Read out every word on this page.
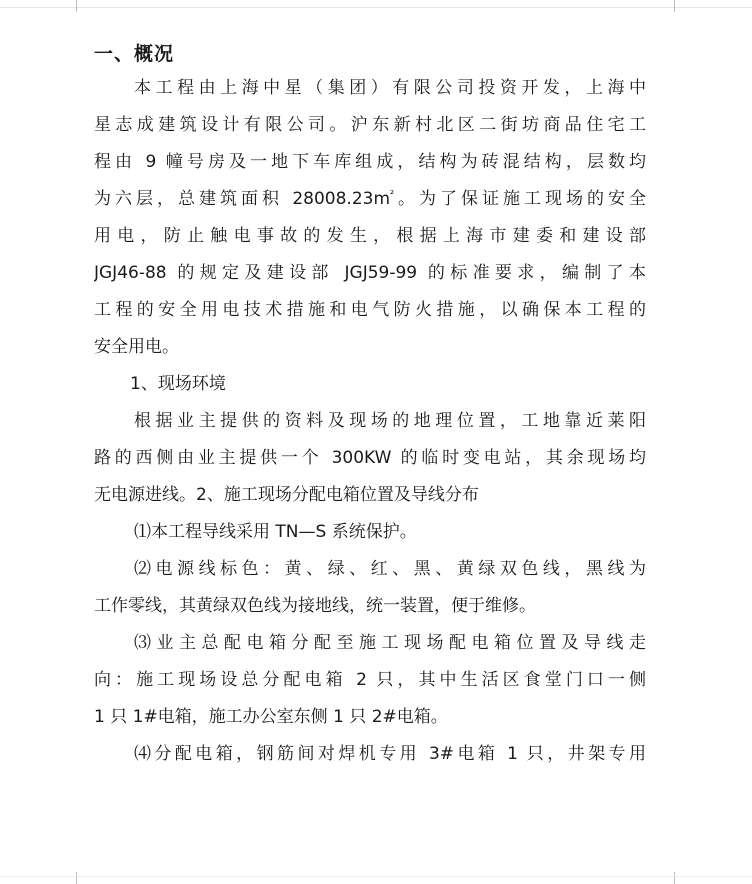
一、概况
本工程由上海中星（集团）有限公司投资开发，上海中
星志成建筑设计有限公司。沪东新村北区二街坊商品住宅工
程由 9 幢号房及一地下车库组成，结构为砖混结构，层数均
为六层，总建筑面积 $28008.23m^{^2}$。为了保证施工现场的安全
用电，防止触电事故的发生，根据上海市建委和建设部
JGJ46-88 的规定及建设部 JGJ59-99 的标准要求，编制了本
工程的安全用电技术措施和电气防火措施，以确保本工程的
安全用电。
1、现场环境
根据业主提供的资料及现场的地理位置，工地靠近莱阳
路的西侧由业主提供一个 300KW 的临时变电站，其余现场均
无电源进线。2、施工现场分配电箱位置及导线分布
⑴本工程导线采用 TN—S 系统保护。
⑵电源线标色：黄、绿、红、黑、黄绿双色线，黑线为
工作零线，其黄绿双色线为接地线，统一装置，便于维修。
⑶业主总配电箱分配至施工现场配电箱位置及导线走
向：施工现场设总分配电箱 2 只，其中生活区食堂门口一侧
1 只 1#电箱，施工办公室东侧 1 只 2#电箱。
⑷分配电箱，钢筋间对焊机专用 3#电箱 1 只，井架专用
